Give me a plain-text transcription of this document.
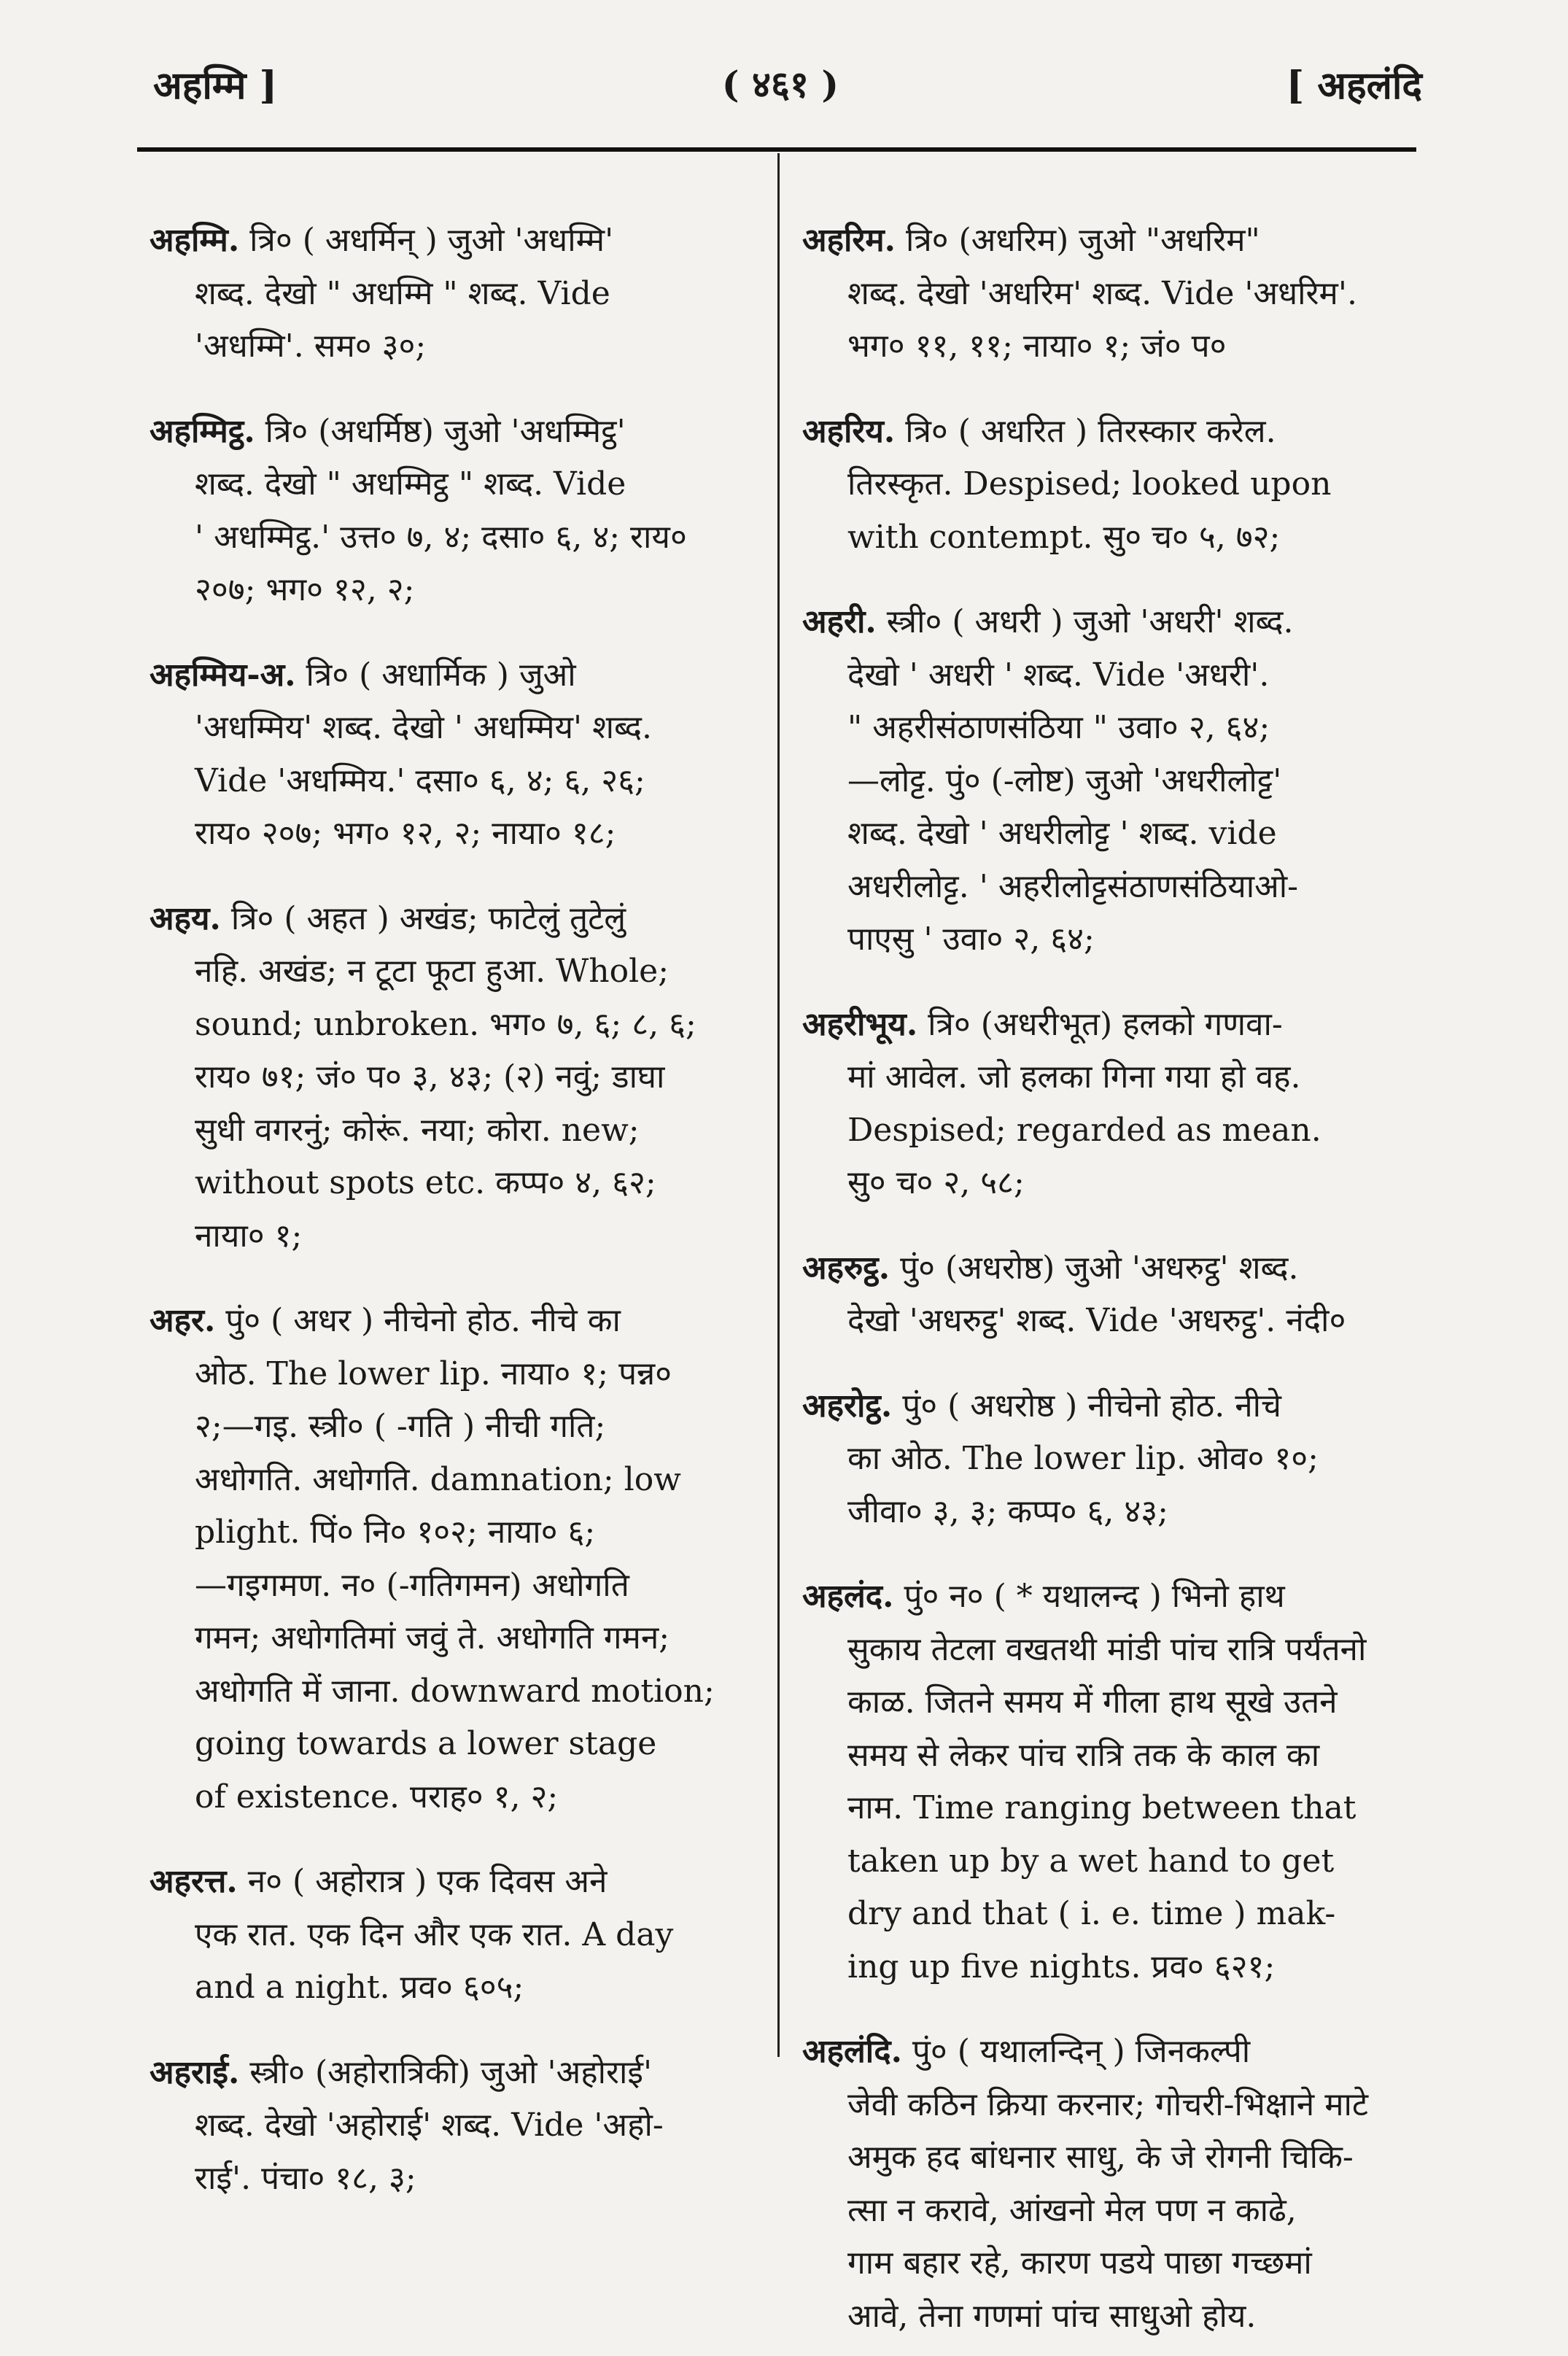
अहम्मि ]	( ४६१ )	[ अहलंदि

अहम्मि. त्रि० ( अधर्मिन् ) जुओ 'अधम्मि'
शब्द. देखो " अधम्मि " शब्द. Vide
'अधम्मि'. सम० ३०;

अहम्मिट्ठ. त्रि० (अधर्मिष्ठ) जुओ 'अधम्मिट्ठ'
शब्द. देखो " अधम्मिट्ठ " शब्द. Vide
' अधम्मिट्ठ.' उत्त० ७, ४; दसा० ६, ४; राय०
२०७; भग० १२, २;

अहम्मिय-अ. त्रि० ( अधार्मिक ) जुओ
'अधम्मिय' शब्द. देखो ' अधम्मिय' शब्द.
Vide 'अधम्मिय.' दसा० ६, ४; ६, २६;
राय० २०७; भग० १२, २; नाया० १८;

अहय. त्रि० ( अहत ) अखंड; फाटेलुं तुटेलुं
नहि. अखंड; न टूटा फूटा हुआ. Whole;
sound; unbroken. भग० ७, ६; ८, ६;
राय० ७१; जं० प० ३, ४३; (२) नवुं; डाघा
सुधी वगरनुं; कोरूं. नया; कोरा. new;
without spots etc. कप्प० ४, ६२;
नाया० १;

अहर. पुं० ( अधर ) नीचेनो होठ. नीचे का
ओठ. The lower lip. नाया० १; पन्न०
२;—गइ. स्त्री० ( -गति ) नीची गति;
अधोगति. अधोगति. damnation; low
plight. पिं० नि० १०२; नाया० ६;
—गइगमण. न० (-गतिगमन) अधोगति
गमन; अधोगतिमां जवुं ते. अधोगति गमन;
अधोगति में जाना. downward motion;
going towards a lower stage
of existence. पराह० १, २;

अहरत्त. न० ( अहोरात्र ) एक दिवस अने
एक रात. एक दिन और एक रात. A day
and a night. प्रव० ६०५;

अहराई. स्त्री० (अहोरात्रिकी) जुओ 'अहोराई'
शब्द. देखो 'अहोराई' शब्द. Vide 'अहो-
राई'. पंचा० १८, ३;

अहरिम. त्रि० (अधरिम) जुओ "अधरिम"
शब्द. देखो 'अधरिम' शब्द. Vide 'अधरिम'.
भग० ११, ११; नाया० १; जं० प०

अहरिय. त्रि० ( अधरित ) तिरस्कार करेल.
तिरस्कृत. Despised; looked upon
with contempt. सु० च० ५, ७२;

अहरी. स्त्री० ( अधरी ) जुओ 'अधरी' शब्द.
देखो ' अधरी ' शब्द. Vide 'अधरी'.
" अहरीसंठाणसंठिया " उवा० २, ६४;
—लोट्ट. पुं० (-लोष्ट) जुओ 'अधरीलोट्ट'
शब्द. देखो ' अधरीलोट्ट ' शब्द. vide
अधरीलोट्ट. ' अहरीलोट्टसंठाणसंठियाओ-
पाएसु ' उवा० २, ६४;

अहरीभूय. त्रि० (अधरीभूत) हलको गणवा-
मां आवेल. जो हलका गिना गया हो वह.
Despised; regarded as mean.
सु० च० २, ५८;

अहरुट्ठ. पुं० (अधरोष्ठ) जुओ 'अधरुट्ठ' शब्द.
देखो 'अधरुट्ठ' शब्द. Vide 'अधरुट्ठ'. नंदी०

अहरोट्ठ. पुं० ( अधरोष्ठ ) नीचेनो होठ. नीचे
का ओठ. The lower lip. ओव० १०;
जीवा० ३, ३; कप्प० ६, ४३;

अहलंद. पुं० न० ( * यथालन्द ) भिनो हाथ
सुकाय तेटला वखतथी मांडी पांच रात्रि पर्यंतनो
काळ. जितने समय में गीला हाथ सूखे उतने
समय से लेकर पांच रात्रि तक के काल का
नाम. Time ranging between that
taken up by a wet hand to get
dry and that ( i. e. time ) mak-
ing up five nights. प्रव० ६२१;

अहलंदि. पुं० ( यथालन्दिन् ) जिनकल्पी
जेवी कठिन क्रिया करनार; गोचरी-भिक्षाने माटे
अमुक हद बांधनार साधु, के जे रोगनी चिकि-
त्सा न करावे, आंखनो मेल पण न काढे,
गाम बहार रहे, कारण पडये पाछा गच्छमां
आवे, तेना गणमां पांच साधुओ होय.
